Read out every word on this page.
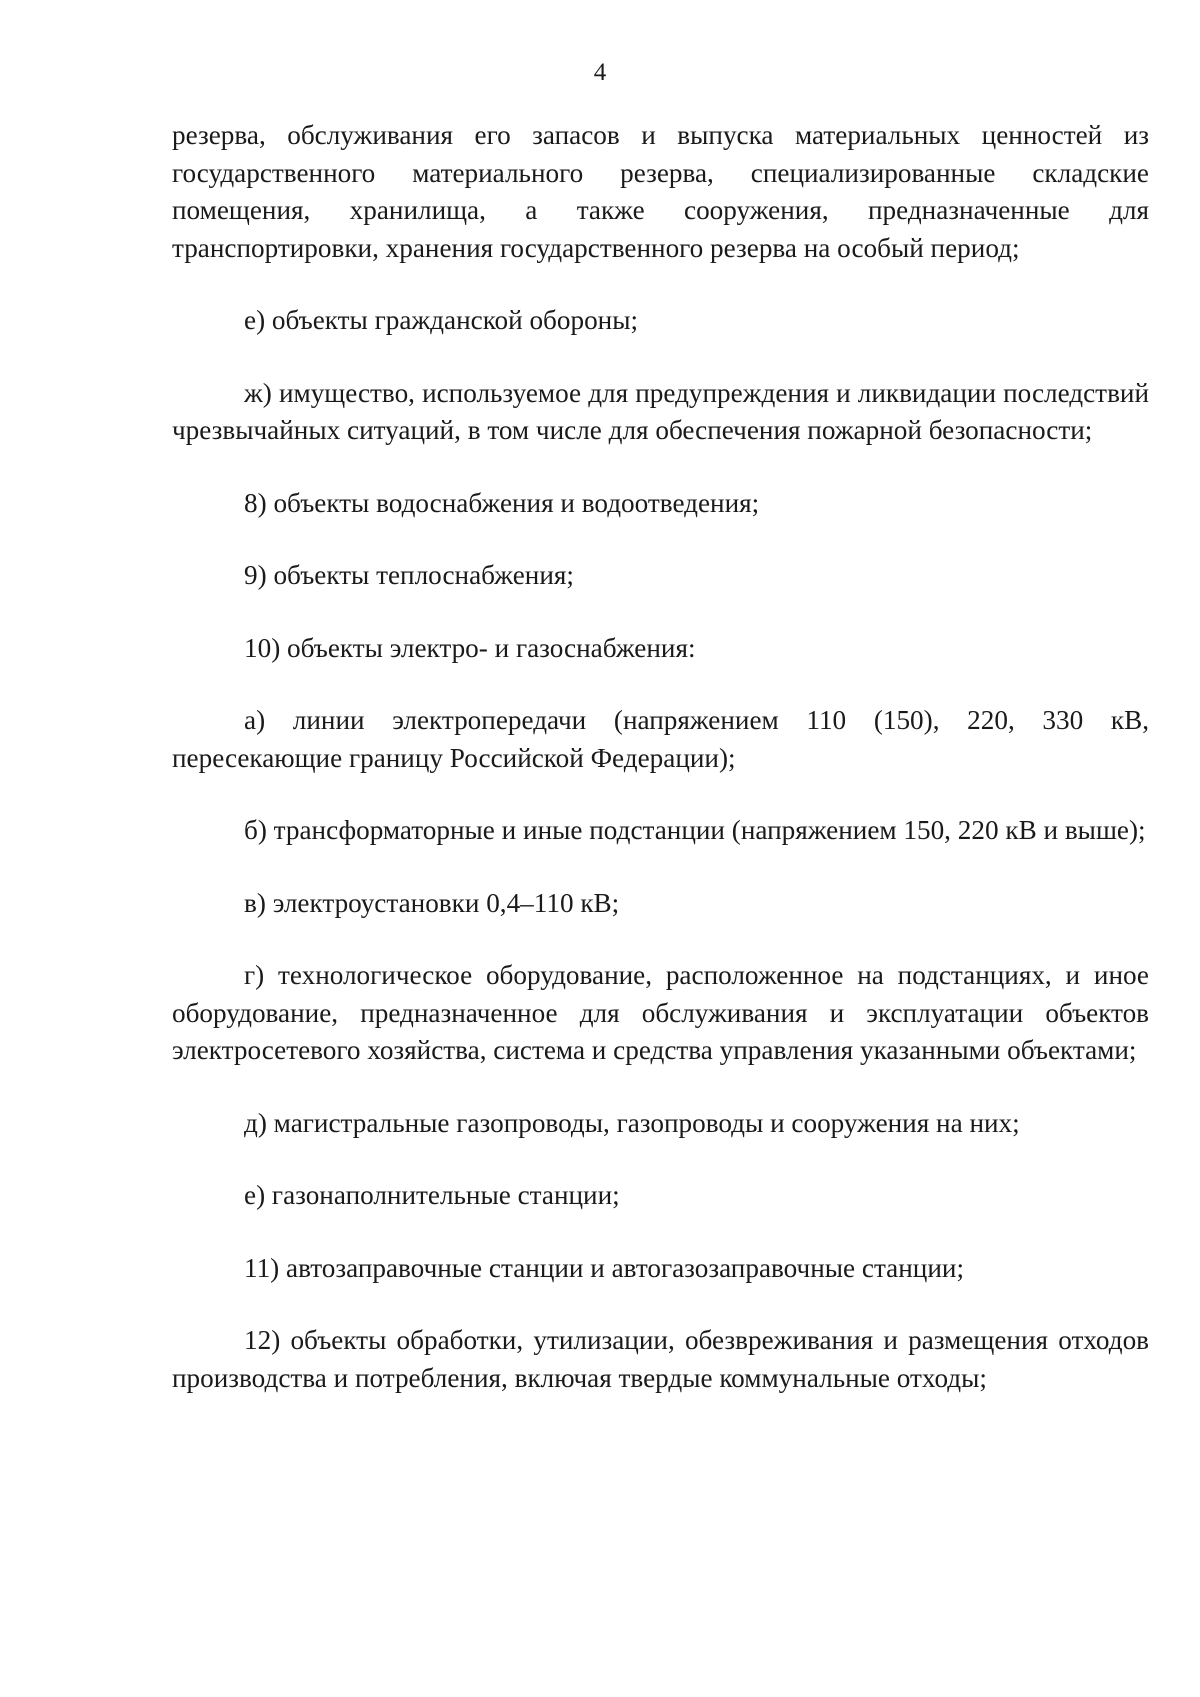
4

резерва, обслуживания его запасов и выпуска материальных ценностей из государственного материального резерва, специализированные складские помещения, хранилища, а также сооружения, предназначенные для транспортировки, хранения государственного резерва на особый период;

е) объекты гражданской обороны;

ж) имущество, используемое для предупреждения и ликвидации последствий чрезвычайных ситуаций, в том числе для обеспечения пожарной безопасности;

8) объекты водоснабжения и водоотведения;

9) объекты теплоснабжения;

10) объекты электро- и газоснабжения:

а) линии электропередачи (напряжением 110 (150), 220, 330 кВ, пересекающие границу Российской Федерации);

б) трансформаторные и иные подстанции (напряжением 150, 220 кВ и выше);

в) электроустановки 0,4–110 кВ;

г) технологическое оборудование, расположенное на подстанциях, и иное оборудование, предназначенное для обслуживания и эксплуатации объектов электросетевого хозяйства, система и средства управления указанными объектами;

д) магистральные газопроводы, газопроводы и сооружения на них;

е) газонаполнительные станции;

11) автозаправочные станции и автогазозаправочные станции;

12) объекты обработки, утилизации, обезвреживания и размещения отходов производства и потребления, включая твердые коммунальные отходы;
